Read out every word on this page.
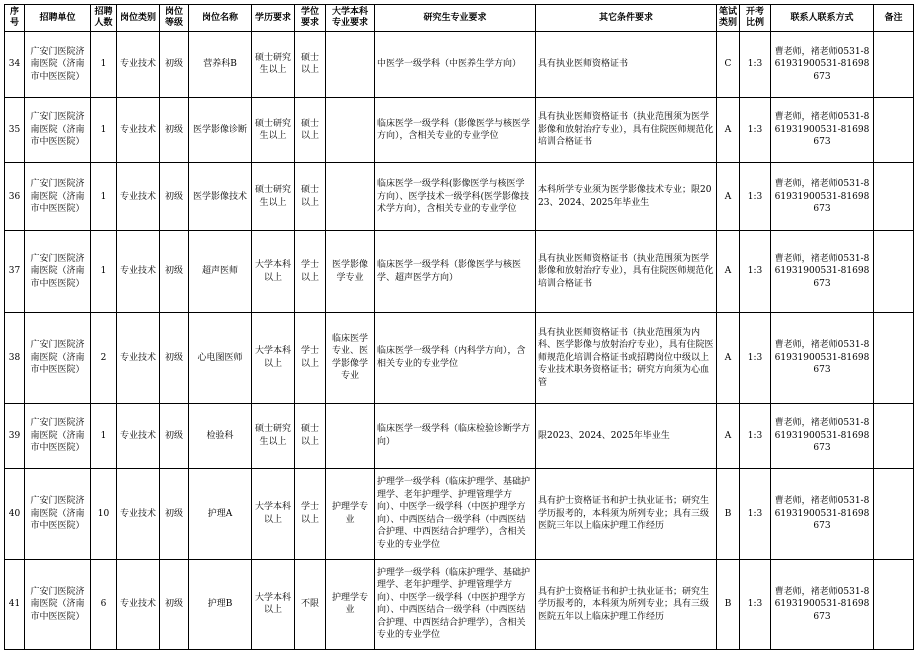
序号	招聘单位	招聘人数	岗位类别	岗位等级	岗位名称	学历要求	学位要求	大学本科专业要求	研究生专业要求	其它条件要求	笔试类别	开考比例	联系人联系方式	备注
34	广安门医院济南医院（济南市中医医院）	1	专业技术	初级	营养科B	硕士研究生以上	硕士以上		中医学一级学科（中医养生学方向）	具有执业医师资格证书	C	1:3	曹老师，褚老师0531-861931900531-81698673	
35	广安门医院济南医院（济南市中医医院）	1	专业技术	初级	医学影像诊断	硕士研究生以上	硕士以上		临床医学一级学科（影像医学与核医学方向），含相关专业的专业学位	具有执业医师资格证书（执业范围须为医学影像和放射治疗专业），具有住院医师规范化培训合格证书	A	1:3	曹老师，褚老师0531-861931900531-81698673	
36	广安门医院济南医院（济南市中医医院）	1	专业技术	初级	医学影像技术	硕士研究生以上	硕士以上		临床医学一级学科(影像医学与核医学方向）、医学技术一级学科(医学影像技术学方向），含相关专业的专业学位	本科所学专业须为医学影像技术专业；限2023、2024、2025年毕业生	A	1:3	曹老师，褚老师0531-861931900531-81698673	
37	广安门医院济南医院（济南市中医医院）	1	专业技术	初级	超声医师	大学本科以上	学士以上	医学影像学专业	临床医学一级学科（影像医学与核医学、超声医学方向）	具有执业医师资格证书（执业范围须为医学影像和放射治疗专业），具有住院医师规范化培训合格证书	A	1:3	曹老师，褚老师0531-861931900531-81698673	
38	广安门医院济南医院（济南市中医医院）	2	专业技术	初级	心电图医师	大学本科以上	学士以上	临床医学专业、医学影像学专业	临床医学一级学科（内科学方向），含相关专业的专业学位	具有执业医师资格证书（执业范围须为内科、医学影像与放射治疗专业），具有住院医师规范化培训合格证书或招聘岗位中级以上专业技术职务资格证书；研究方向须为心血管	A	1:3	曹老师，褚老师0531-861931900531-81698673	
39	广安门医院济南医院（济南市中医医院）	1	专业技术	初级	检验科	硕士研究生以上	硕士以上		临床医学一级学科（临床检验诊断学方向）	限2023、2024、2025年毕业生	A	1:3	曹老师，褚老师0531-861931900531-81698673	
40	广安门医院济南医院（济南市中医医院）	10	专业技术	初级	护理A	大学本科以上	学士以上	护理学专业	护理学一级学科（临床护理学、基础护理学、老年护理学、护理管理学方向）、中医学一级学科（中医护理学方向）、中西医结合一级学科（中西医结合护理、中西医结合护理学），含相关专业的专业学位	具有护士资格证书和护士执业证书；研究生学历报考的，本科须为所列专业；具有三级医院三年以上临床护理工作经历	B	1:3	曹老师，褚老师0531-861931900531-81698673	
41	广安门医院济南医院（济南市中医医院）	6	专业技术	初级	护理B	大学本科以上	不限	护理学专业	护理学一级学科（临床护理学、基础护理学、老年护理学、护理管理学方向）、中医学一级学科（中医护理学方向）、中西医结合一级学科（中西医结合护理、中西医结合护理学），含相关专业的专业学位	具有护士资格证书和护士执业证书；研究生学历报考的，本科须为所列专业；具有三级医院五年以上临床护理工作经历	B	1:3	曹老师，褚老师0531-861931900531-81698673	
